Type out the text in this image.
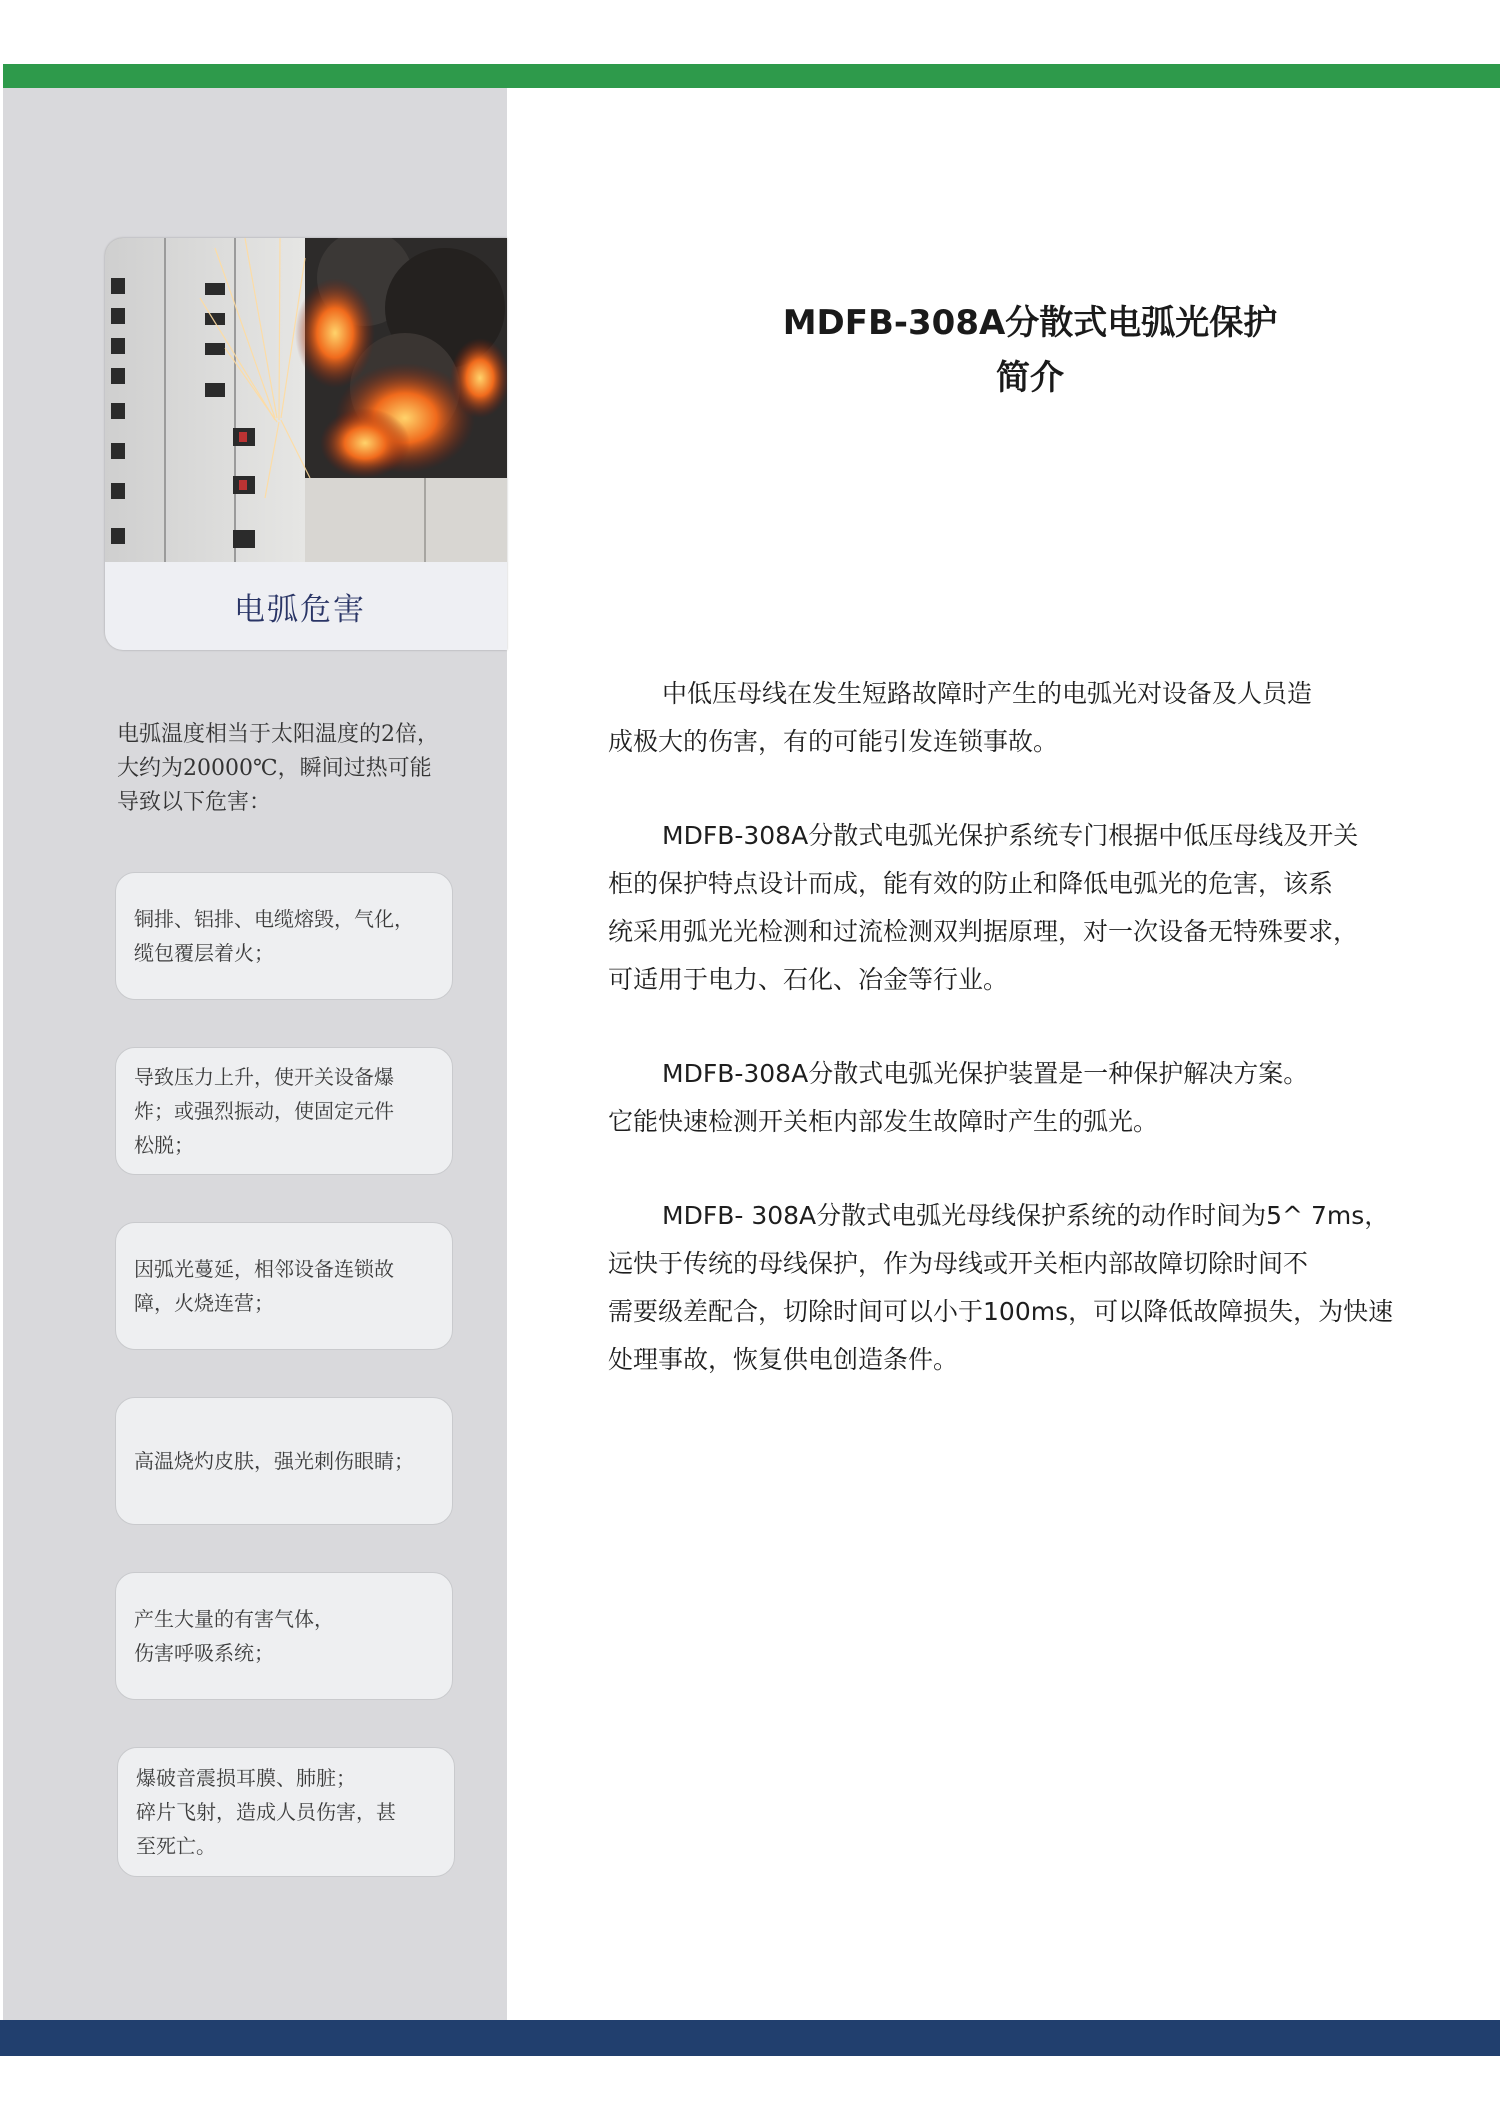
电弧危害
电弧温度相当于太阳温度的2倍，
大约为20000℃，瞬间过热可能
导致以下危害：
铜排、铝排、电缆熔毁，气化，
缆包覆层着火；
导致压力上升，使开关设备爆
炸；或强烈振动，使固定元件
松脱；
因弧光蔓延，相邻设备连锁故
障，火烧连营；
高温烧灼皮肤，强光刺伤眼睛；
产生大量的有害气体，
伤害呼吸系统；
爆破音震损耳膜、肺脏；
碎片飞射，造成人员伤害，甚
至死亡。
MDFB-308A分散式电弧光保护
简介
中低压母线在发生短路故障时产生的电弧光对设备及人员造
成极大的伤害，有的可能引发连锁事故。
MDFB-308A分散式电弧光保护系统专门根据中低压母线及开关
柜的保护特点设计而成，能有效的防止和降低电弧光的危害，该系
统采用弧光光检测和过流检测双判据原理，对一次设备无特殊要求，
可适用于电力、石化、冶金等行业。
MDFB-308A分散式电弧光保护装置是一种保护解决方案。
它能快速检测开关柜内部发生故障时产生的弧光。
MDFB- 308A分散式电弧光母线保护系统的动作时间为5^ 7ms，
远快于传统的母线保护，作为母线或开关柜内部故障切除时间不
需要级差配合，切除时间可以小于100ms，可以降低故障损失，为快速
处理事故，恢复供电创造条件。
